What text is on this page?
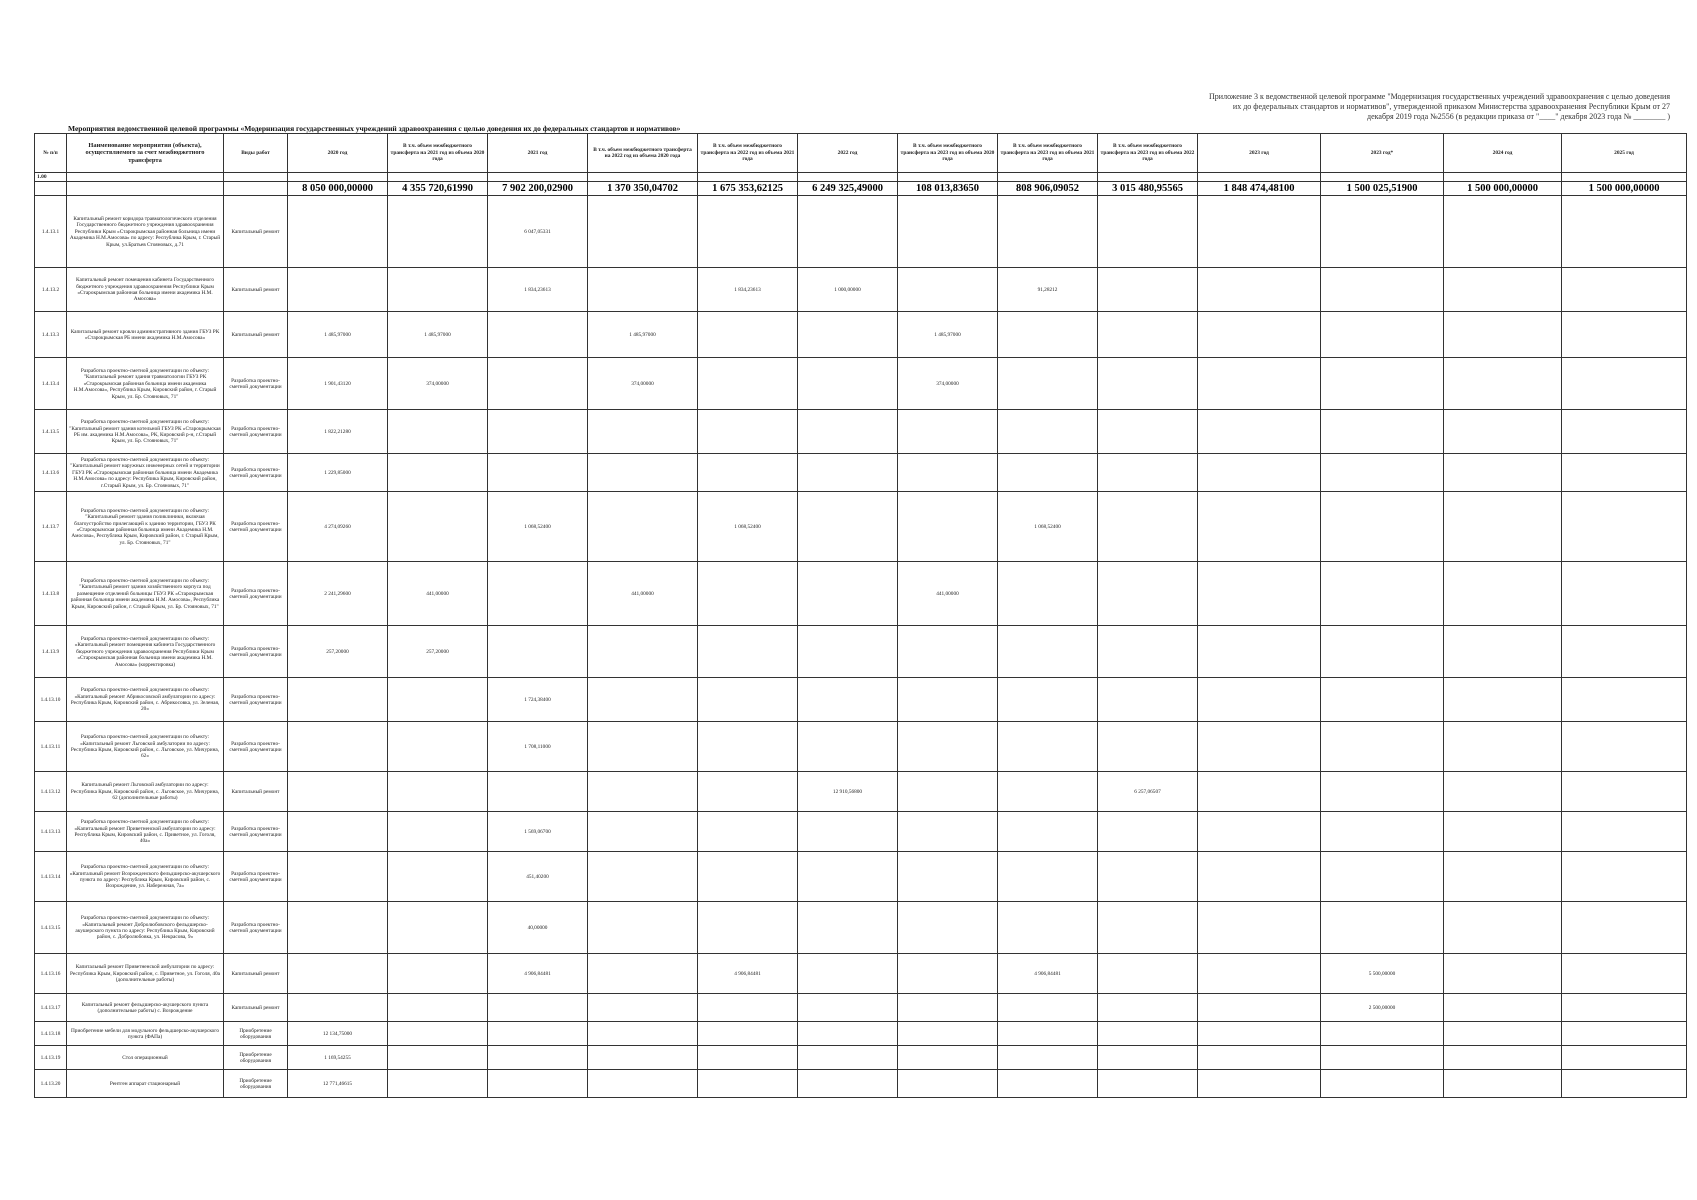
Приложение 3 к ведомственной целевой программе "Модернизация государственных учреждений здравоохранения с целью доведения
их до федеральных стандартов и нормативов", утвержденной приказом Министерства здравоохранения Республики Крым от 27
декабря 2019 года №2556 (в редакции приказа от "____" декабря 2023 года № ________ )
Мероприятия ведомственной целевой программы «Модернизация государственных учреждений здравоохранения с целью доведения их до федеральных стандартов и нормативов»
№ п/п	Наименование мероприятия (объекта), осуществляемого за счет межбюджетного трансферта	Виды работ	2020 год	В т.ч. объем межбюджетного трансферта на 2021 год из объема 2020 года	2021 год	В т.ч. объем межбюджетного трансферта на 2022 год из объема 2020 года	В т.ч. объем межбюджетного трансферта на 2022 год из объема 2021 года	2022 год	В т.ч. объем межбюджетного трансферта на 2023 год из объема 2020 года	В т.ч. объем межбюджетного трансферта на 2023 год из объема 2021 года	В т.ч. объем межбюджетного трансферта на 2023 год из объема 2022 года	2023 год	2023 год*	2024 год	2025 год
1.00															
			8 050 000,00000	4 355 720,61990	7 902 200,02900	1 370 350,04702	1 675 353,62125	6 249 325,49000	108 013,83650	808 906,09052	3 015 480,95565	1 848 474,48100	1 500 025,51900	1 500 000,00000	1 500 000,00000
1.4.13.1	Капитальный ремонт коридора травматологического отделения Государственного бюджетного учреждения здравоохранения Республики Крым «Старокрымская районная больница имени Академика Н.М.Амосова» по адресу: Республика Крым, г. Старый Крым, ул.Братьев Стояновых, д.71	Капитальный ремонт			6 047,05331										
1.4.13.2	Капитальный ремонт помещения кабинета Государственного бюджетного учреждения здравоохранения Республики Крым «Старокрымская районная больница имени академика Н.М. Амосова»	Капитальный ремонт			1 834,23613		1 834,23613	1 000,00000		91,28212					
1.4.13.3	Капитальный ремонт кровли административного здания ГБУЗ РК «Старокрымская РБ имени академика Н.М.Амосова»	Капитальный ремонт	1 485,97000	1 485,97000		1 485,97000			1 485,97000						
1.4.13.4	Разработка проектно-сметной документации по объекту: "Капитальный ремонт здания травматологии ГБУЗ РК «Старокрымская районная больница имени академика Н.М.Амосова», Республика Крым, Кировский район, г. Старый Крым, ул. Бр. Стояновых, 71"	Разработка проектно-сметной документации	1 901,43120	374,00000		374,00000			374,00000						
1.4.13.5	Разработка проектно-сметной документации по объекту: "Капитальный ремонт здания котельной ГБУЗ РК «Старокрымская РБ им. академика Н.М.Амосова», РК, Кировский р-н, г.Старый Крым, ул. Бр. Стояновых, 71"	Разработка проектно-сметной документации	1 822,21280												
1.4.13.6	Разработка проектно-сметной документации по объекту: "Капитальный ремонт наружных инженерных сетей и территории ГБУЗ РК «Старокрымская районная больница имени Академика Н.М.Амосова» по адресу: Республика Крым, Кировский район, г.Старый Крым, ул. Бр. Стояновых, 71"	Разработка проектно-сметной документации	1 229,85000												
1.4.13.7	Разработка проектно-сметной документации по объекту: "Капитальный ремонт здания поликлиники, включая благоустройство прилегающей к зданию территории, ГБУЗ РК «Старокрымская районная больница имени Академика Н.М. Амосова», Республика Крым, Кировский район, г. Старый Крым, ул. Бр. Стояновых, 71"	Разработка проектно-сметной документации	4 274,09260		1 068,52400		1 068,52400			1 068,52400					
1.4.13.8	Разработка проектно-сметной документации по объекту: "Капитальный ремонт здания хозяйственного корпуса под размещение отделений больницы ГБУЗ РК «Старокрымская районная больница имени академика Н.М. Амосова», Республика Крым, Кировский район, г. Старый Крым, ул. Бр. Стояновых, 71"	Разработка проектно-сметной документации	2 241,29600	441,00000		441,00000			441,00000						
1.4.13.9	Разработка проектно-сметной документации по объекту: «Капитальный ремонт помещения кабинета Государственного бюджетного учреждения здравоохранения Республики Крым «Старокрымская районная больница имени академика Н.М. Амосова» (корректировка)	Разработка проектно-сметной документации	257,20000	257,20000											
1.4.13.10	Разработка проектно-сметной документации по объекту: «Капитальный ремонт Абрикосовской амбулатории по адресу: Республика Крым, Кировский район, с. Абрикосовка, ул. Зеленая, 20»	Разработка проектно-сметной документации			1 724,38400										
1.4.13.11	Разработка проектно-сметной документации по объекту: «Капитальный ремонт Льговской амбулатории по адресу: Республика Крым, Кировский район, с. Льговское, ул. Мичурина, 62»	Разработка проектно-сметной документации			1 708,11000										
1.4.13.12	Капитальный ремонт Льговской амбулатории по адресу: Республика Крым, Кировский район, с. Льговское, ул. Мичурина, 62 (дополнительные работы)	Капитальный ремонт						12 910,56800			6 257,06507				
1.4.13.13	Разработка проектно-сметной документации по объекту: «Капитальный ремонт Приветненской амбулатории по адресу: Республика Крым, Кировский район, с. Приветное, ул. Гоголя, 40а»	Разработка проектно-сметной документации			1 569,06700										
1.4.13.14	Разработка проектно-сметной документации по объекту: «Капитальный ремонт Возрожденского фельдшерско-акушерского пункта по адресу: Республика Крым, Кировский район, с. Возрождение, ул. Набережная, 7а»	Разработка проектно-сметной документации			451,40200										
1.4.13.15	Разработка проектно-сметной документации по объекту: «Капитальный ремонт Добролюбовского фельдшерско-акушерского пункта по адресу: Республика Крым, Кировский район, с. Добролюбовка, ул. Некрасова, 9»	Разработка проектно-сметной документации			40,00000										
1.4.13.16	Капитальный ремонт Приветненской амбулатории по адресу: Республика Крым, Кировский район, с. Приветное, ул. Гоголя, 40а (дополнительные работы)	Капитальный ремонт			4 906,84481		4 906,84481			4 906,84481			5 500,00000		
1.4.13.17	Капитальный ремонт фельдшерско-акушерского пункта (дополнительные работы) с. Возрождение	Капитальный ремонт											2 500,00000		
1.4.13.18	Приобретение мебели для модульного фельдшерско-акушерского пункта (ФАПа)	Приобретение оборудования	12 134,75000												
1.4.13.19	Стол операционный	Приобретение оборудования	1 169,54255												
1.4.13.20	Рентген аппарат стационарный	Приобретение оборудования	12 771,46615												
